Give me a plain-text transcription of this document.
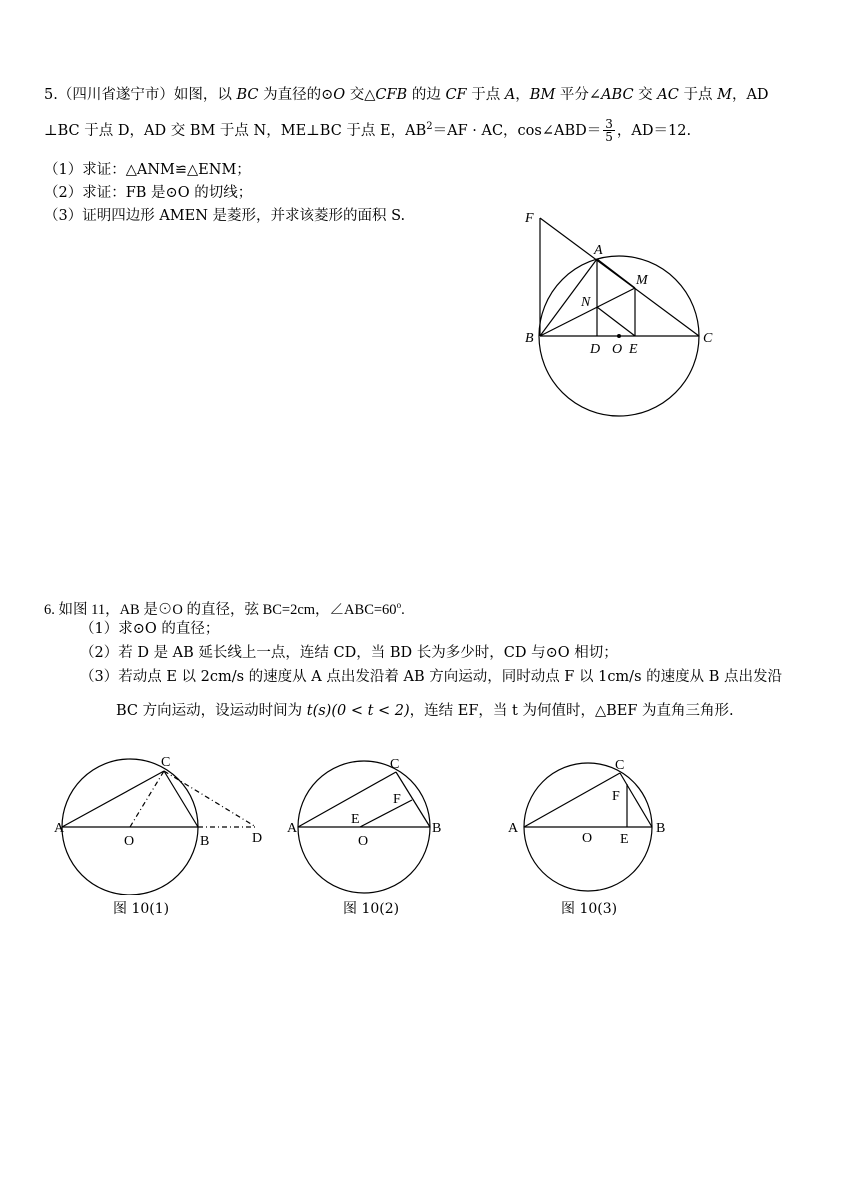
5.（四川省遂宁市）如图，以 BC 为直径的⊙O 交△CFB 的边 CF 于点 A，BM 平分∠ABC 交 AC 于点 M，AD
⊥BC 于点 D，AD 交 BM 于点 N，ME⊥BC 于点 E，$AB^2=AF$ · AC，cos∠ABD＝ $\frac{3}{5}$ ，AD＝12.
（1）求证：△ANM≌△ENM；
（2）求证：FB 是⊙O 的切线；
（3）证明四边形 AMEN 是菱形，并求该菱形的面积 S.	F
A
M
N
B	C
D O E
6. 如图 11，AB 是⊙O 的直径，弦 BC=2cm，$\angle ABC=60^o$.
（1）求⊙O 的直径；
（2）若 D 是 AB 延长线上一点，连结 CD，当 BD 长为多少时，CD 与⊙O 相切；
（3）若动点 E 以 2cm/s 的速度从 A 点出发沿着 AB 方向运动，同时动点 F 以 1cm/s 的速度从 B 点出发沿
BC 方向运动，设运动时间为 t(s)(0 < t < 2)，连结 EF，当 t 为何值时，△BEF 为直角三角形.
A
O	B
C
D
图 10(1)
A
O
B
C
E
F
图 10(2)
A
O
B
C
E
F
图 10(3)
